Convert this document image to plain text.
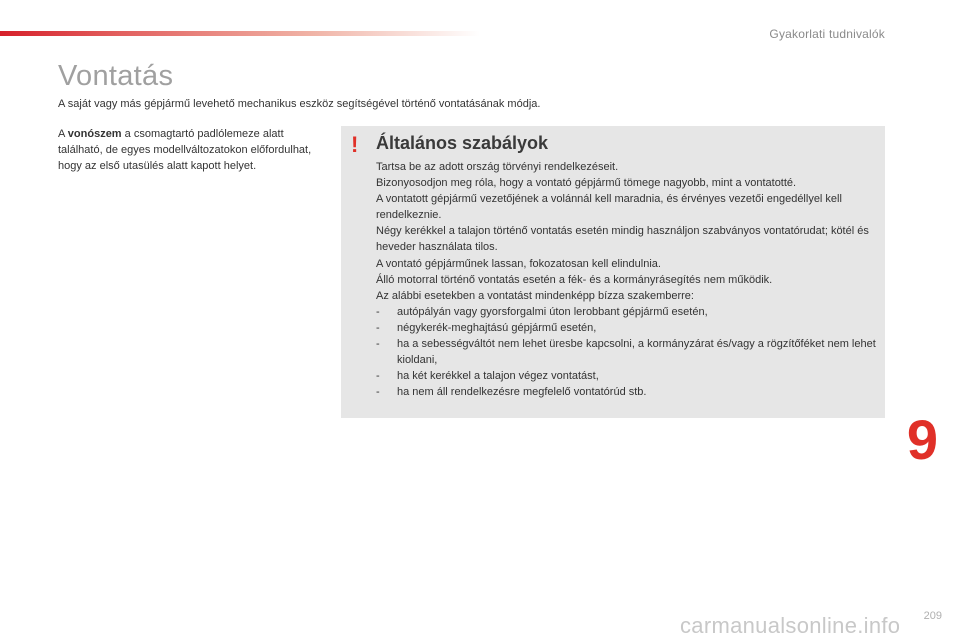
Gyakorlati tudnivalók
Vontatás

A saját vagy más gépjármű levehető mechanikus eszköz segítségével történő vontatásának módja.

A vonószem a csomagtartó padlólemeze alatt található, de egyes modellváltozatokon előfordulhat, hogy az első utasülés alatt kapott helyet.

! Általános szabályok

Tartsa be az adott ország törvényi rendelkezéseit.

Bizonyosodjon meg róla, hogy a vontató gépjármű tömege nagyobb, mint a vontatotté.

A vontatott gépjármű vezetőjének a volánnál kell maradnia, és érvényes vezetői engedéllyel kell rendelkeznie.

Négy kerékkel a talajon történő vontatás esetén mindig használjon szabványos vontatórudat; kötél és heveder használata tilos.

A vontató gépjárműnek lassan, fokozatosan kell elindulnia.

Álló motorral történő vontatás esetén a fék- és a kormányrásegítés nem működik.

Az alábbi esetekben a vontatást mindenképp bízza szakemberre:

- autópályán vagy gyorsforgalmi úton lerobbant gépjármű esetén,
- négykerék-meghajtású gépjármű esetén,
- ha a sebességváltót nem lehet üresbe kapcsolni, a kormányzárat és/vagy a rögzítőféket nem lehet kioldani,
- ha két kerékkel a talajon végez vontatást,
- ha nem áll rendelkezésre megfelelő vontatórúd stb.
9
209
carmanualsonline.info
